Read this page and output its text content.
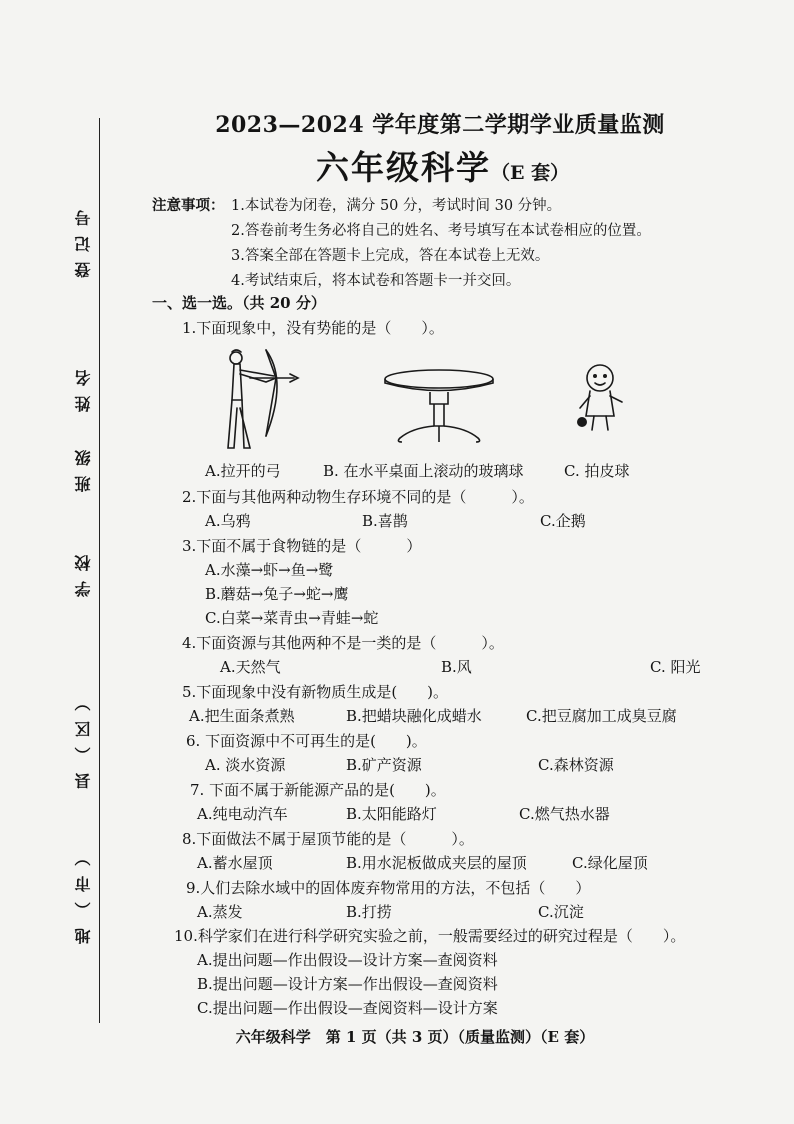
登记号
姓名
班级
学校
县（区）
地（市）
2023—2024 学年度第二学期学业质量监测
六年级科学（E 套）
注意事项： 1.本试卷为闭卷，满分 50 分，考试时间 30 分钟。
2.答卷前考生务必将自己的姓名、考号填写在本试卷相应的位置。
3.答案全部在答题卡上完成，答在本试卷上无效。
4.考试结束后，将本试卷和答题卡一并交回。
一、选一选。（共 20 分）
1.下面现象中，没有势能的是（　　）。
A.拉开的弓	B. 在水平桌面上滚动的玻璃球	C. 拍皮球
2.下面与其他两种动物生存环境不同的是（　　　）。
A.乌鸦	B.喜鹊	C.企鹅
3.下面不属于食物链的是（　　　）
A.水藻→虾→鱼→鹭
B.蘑菇→兔子→蛇→鹰
C.白菜→菜青虫→青蛙→蛇
4.下面资源与其他两种不是一类的是（　　　）。
A.天然气	B.风	C. 阳光
5.下面现象中没有新物质生成是(　　)。
A.把生面条煮熟	B.把蜡块融化成蜡水	C.把豆腐加工成臭豆腐
6. 下面资源中不可再生的是(　　)。
A. 淡水资源	B.矿产资源	C.森林资源
7. 下面不属于新能源产品的是(　　)。
A.纯电动汽车	B.太阳能路灯	C.燃气热水器
8.下面做法不属于屋顶节能的是（　　　）。
A.蓄水屋顶	B.用水泥板做成夹层的屋顶	C.绿化屋顶
9.人们去除水域中的固体废弃物常用的方法，不包括（　　）
A.蒸发	B.打捞	C.沉淀
10.科学家们在进行科学研究实验之前，一般需要经过的研究过程是（　　）。
A.提出问题—作出假设—设计方案—查阅资料
B.提出问题—设计方案—作出假设—查阅资料
C.提出问题—作出假设—查阅资料—设计方案
六年级科学　第 1 页（共 3 页）（质量监测）（E 套）
